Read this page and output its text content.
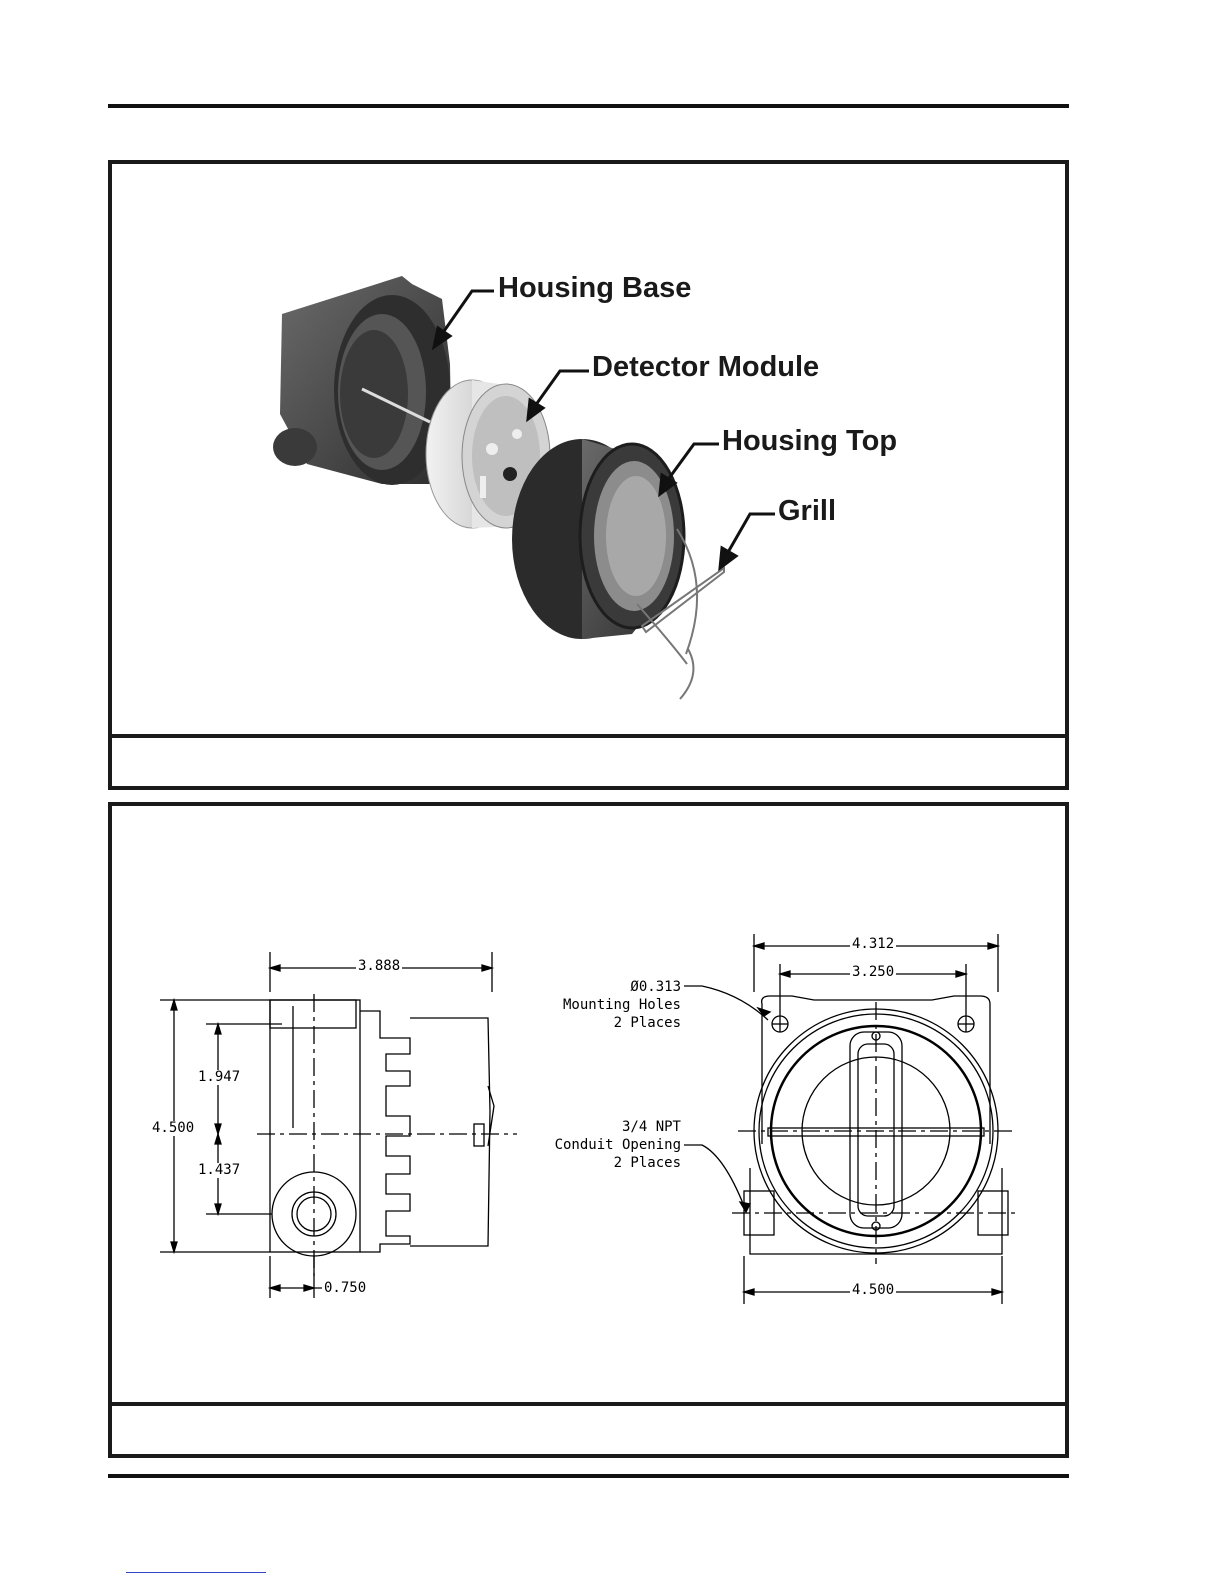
Housing Base
Detector Module
Housing Top
Grill
3.888
4.500
1.947
1.437
0.750
4.312
3.250
4.500
Ø0.313
Mounting Holes
2 Places
3/4 NPT
Conduit Opening
2 Places
